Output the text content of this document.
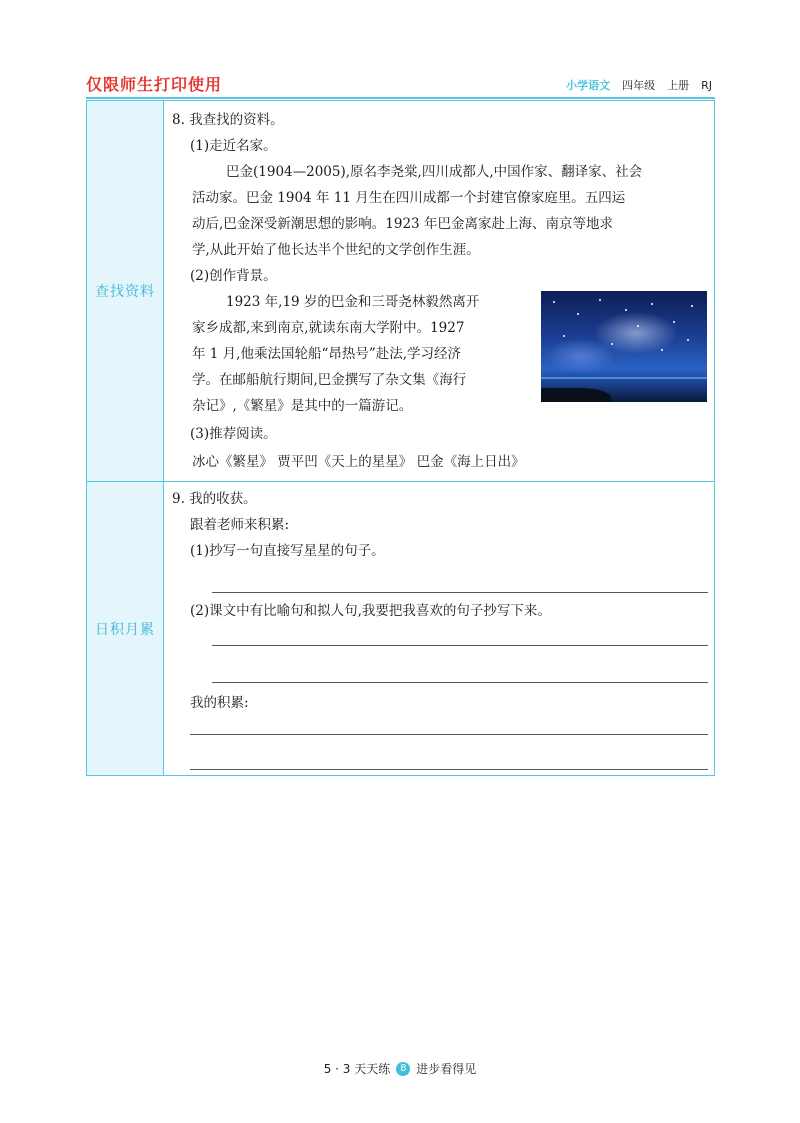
仅限师生打印使用	小学语文 四年级 上册 RJ
查找资料
8. 我查找的资料。
(1)走近名家。
巴金(1904—2005),原名李尧棠,四川成都人,中国作家、翻译家、社会
活动家。巴金 1904 年 11 月生在四川成都一个封建官僚家庭里。五四运
动后,巴金深受新潮思想的影响。1923 年巴金离家赴上海、南京等地求
学,从此开始了他长达半个世纪的文学创作生涯。
(2)创作背景。
1923 年,19 岁的巴金和三哥尧林毅然离开
家乡成都,来到南京,就读东南大学附中。1927
年 1 月,他乘法国轮船“昂热号”赴法,学习经济
学。在邮船航行期间,巴金撰写了杂文集《海行
杂记》,《繁星》是其中的一篇游记。
(3)推荐阅读。
冰心《繁星》 贾平凹《天上的星星》 巴金《海上日出》
日积月累
9. 我的收获。
跟着老师来积累:
(1)抄写一句直接写星星的句子。
(2)课文中有比喻句和拟人句,我要把我喜欢的句子抄写下来。
我的积累:
5 · 3 天天练 8 进步看得见
